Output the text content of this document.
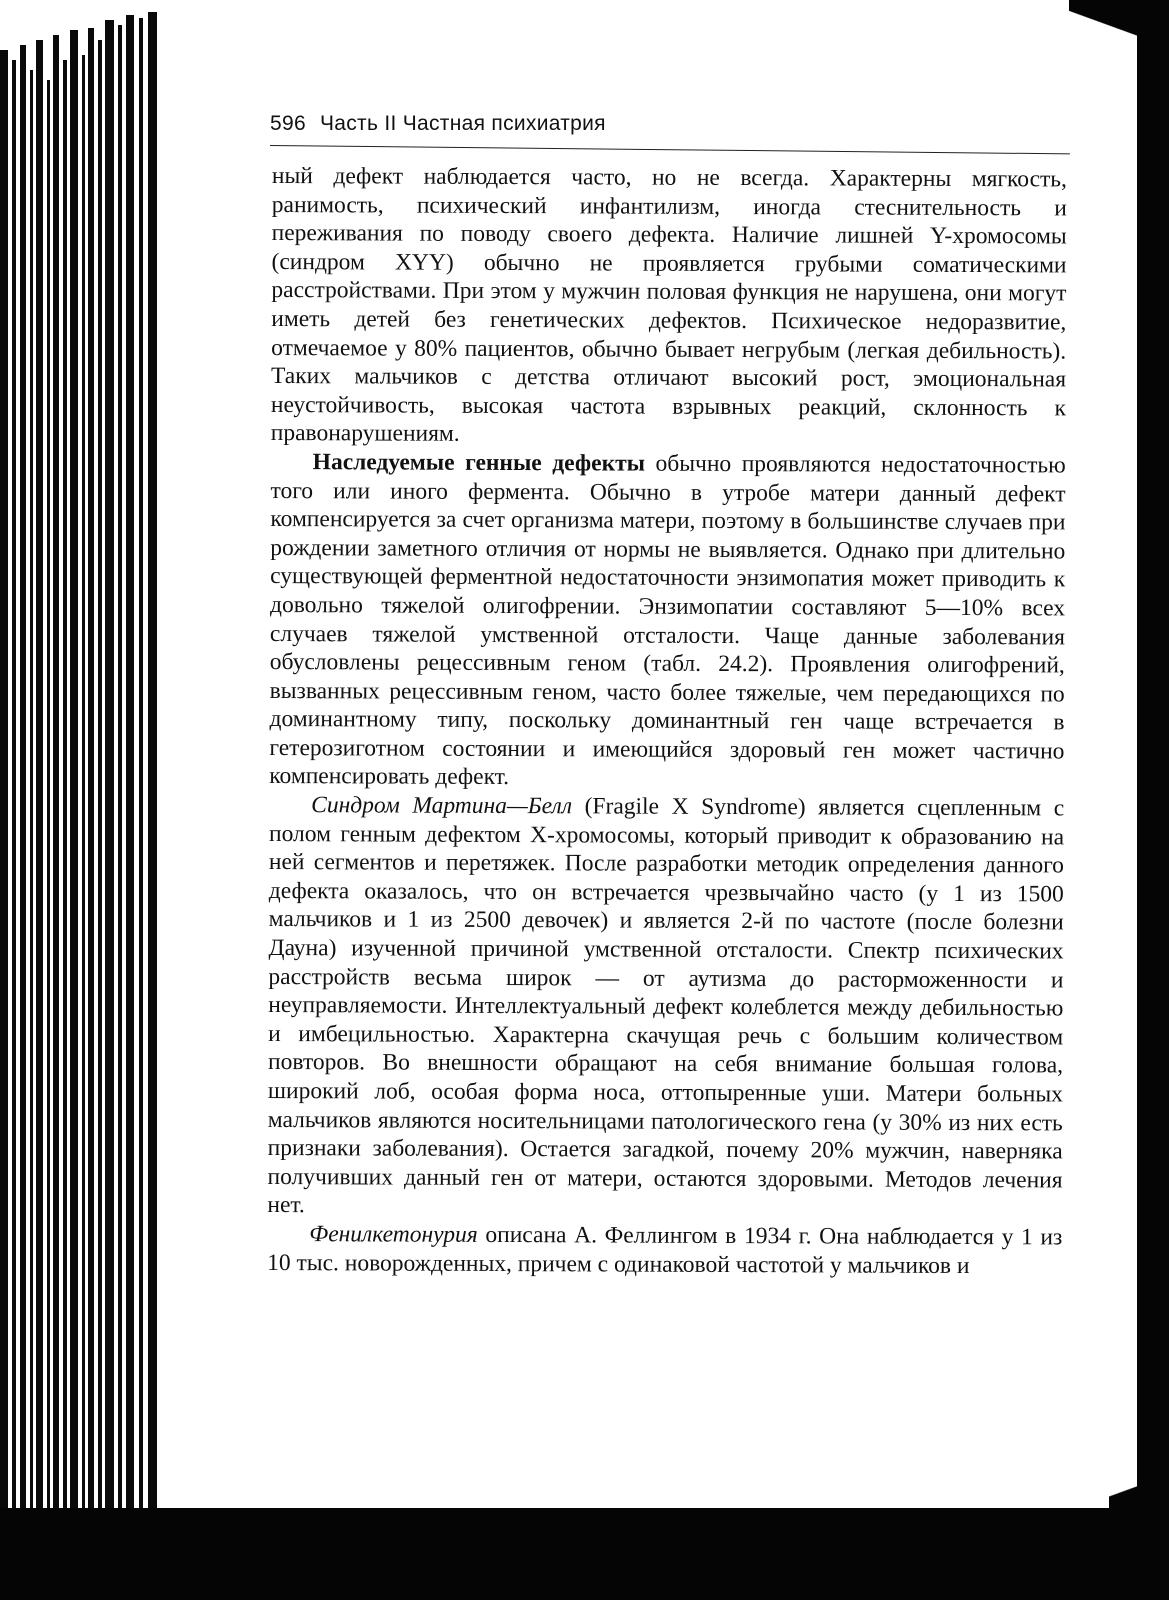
596 Часть II Частная психиатрия

ный дефект наблюдается часто, но не всегда. Характерны мягкость, ранимость, психический инфантилизм, иногда стеснительность и переживания по поводу своего дефекта. Наличие лишней Y-хромосомы (синдром XYY) обычно не проявляется грубыми соматическими расстройствами. При этом у мужчин половая функция не нарушена, они могут иметь детей без генетических дефектов. Психическое недоразвитие, отмечаемое у 80% пациентов, обычно бывает негрубым (легкая дебильность). Таких мальчиков с детства отличают высокий рост, эмоциональная неустойчивость, высокая частота взрывных реакций, склонность к правонарушениям.

Наследуемые генные дефекты обычно проявляются недостаточностью того или иного фермента. Обычно в утробе матери данный дефект компенсируется за счет организма матери, поэтому в большинстве случаев при рождении заметного отличия от нормы не выявляется. Однако при длительно существующей ферментной недостаточности энзимопатия может приводить к довольно тяжелой олигофрении. Энзимопатии составляют 5—10% всех случаев тяжелой умственной отсталости. Чаще данные заболевания обусловлены рецессивным геном (табл. 24.2). Проявления олигофрений, вызванных рецессивным геном, часто более тяжелые, чем передающихся по доминантному типу, поскольку доминантный ген чаще встречается в гетерозиготном состоянии и имеющийся здоровый ген может частично компенсировать дефект.

Синдром Мартина—Белл (Fragile X Syndrome) является сцепленным с полом генным дефектом Х-хромосомы, который приводит к образованию на ней сегментов и перетяжек. После разработки методик определения данного дефекта оказалось, что он встречается чрезвычайно часто (у 1 из 1500 мальчиков и 1 из 2500 девочек) и является 2-й по частоте (после болезни Дауна) изученной причиной умственной отсталости. Спектр психических расстройств весьма широк — от аутизма до расторможенности и неуправляемости. Интеллектуальный дефект колеблется между дебильностью и имбецильностью. Характерна скачущая речь с большим количеством повторов. Во внешности обращают на себя внимание большая голова, широкий лоб, особая форма носа, оттопыренные уши. Матери больных мальчиков являются носительницами патологического гена (у 30% из них есть признаки заболевания). Остается загадкой, почему 20% мужчин, наверняка получивших данный ген от матери, остаются здоровыми. Методов лечения нет.

Фенилкетонурия описана А. Феллингом в 1934 г. Она наблюдается у 1 из 10 тыс. новорожденных, причем с одинаковой частотой у мальчиков и
